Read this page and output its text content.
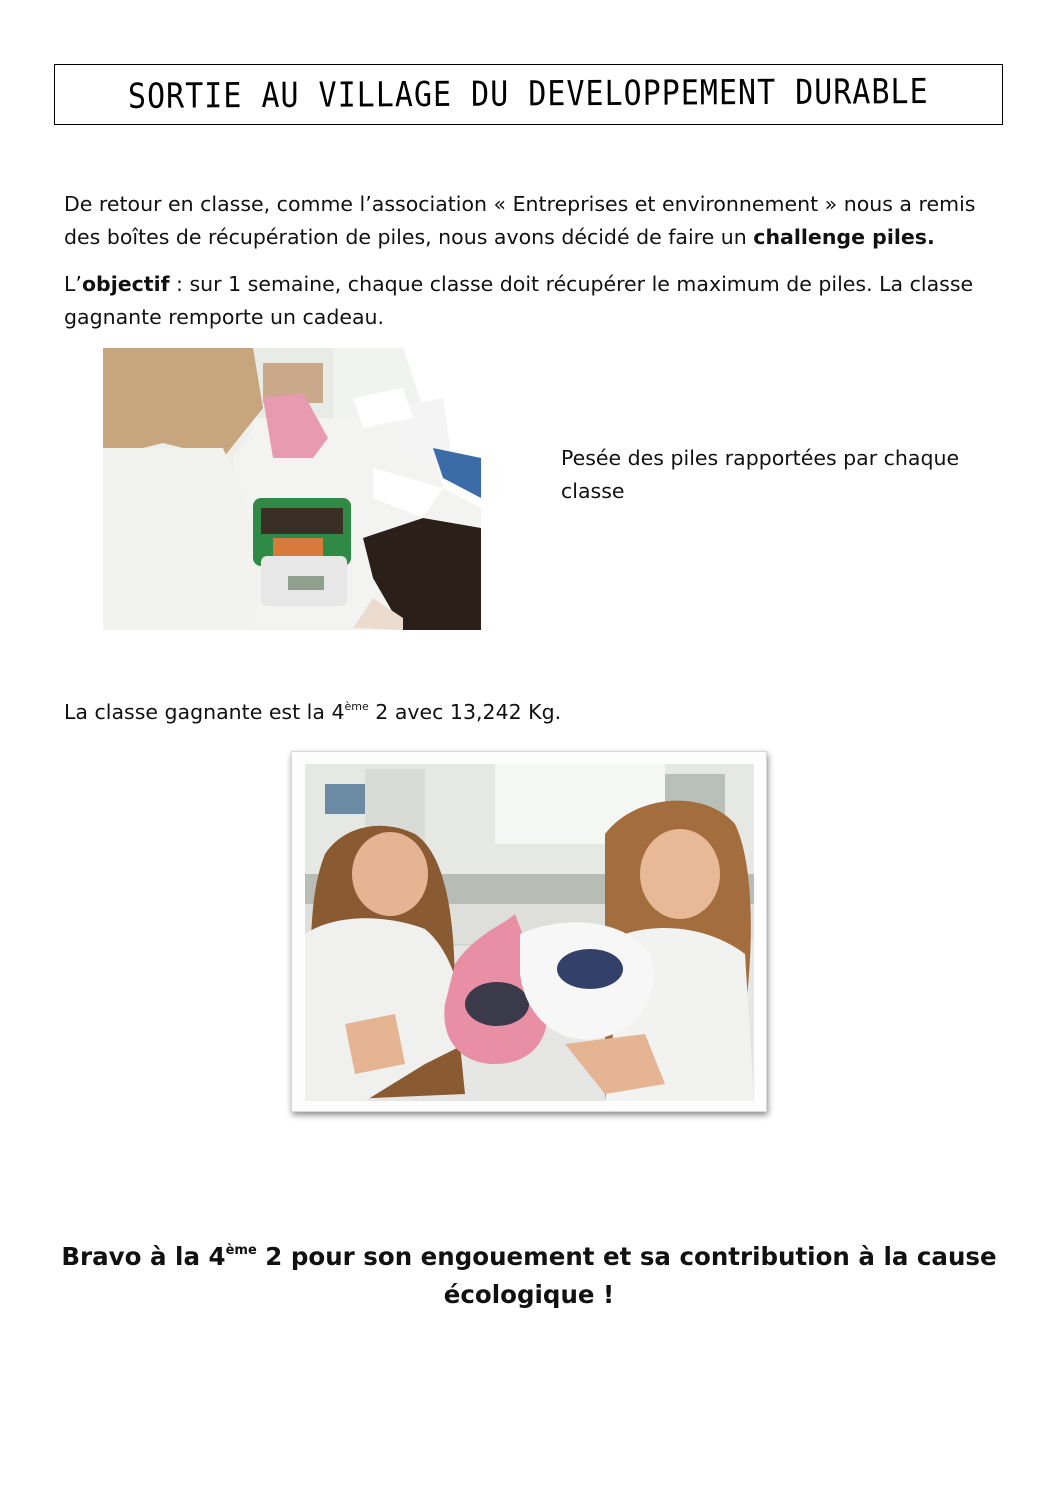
SORTIE AU VILLAGE DU DEVELOPPEMENT DURABLE

De retour en classe, comme l’association « Entreprises et environnement » nous a remis des boîtes de récupération de piles, nous avons décidé de faire un challenge piles.

L’objectif : sur 1 semaine, chaque classe doit récupérer le maximum de piles. La classe gagnante remporte un cadeau.

Pesée des piles rapportées par chaque classe

La classe gagnante est la 4ème 2 avec 13,242 Kg.

Bravo à la 4ème 2 pour son engouement et sa contribution à la cause écologique !
